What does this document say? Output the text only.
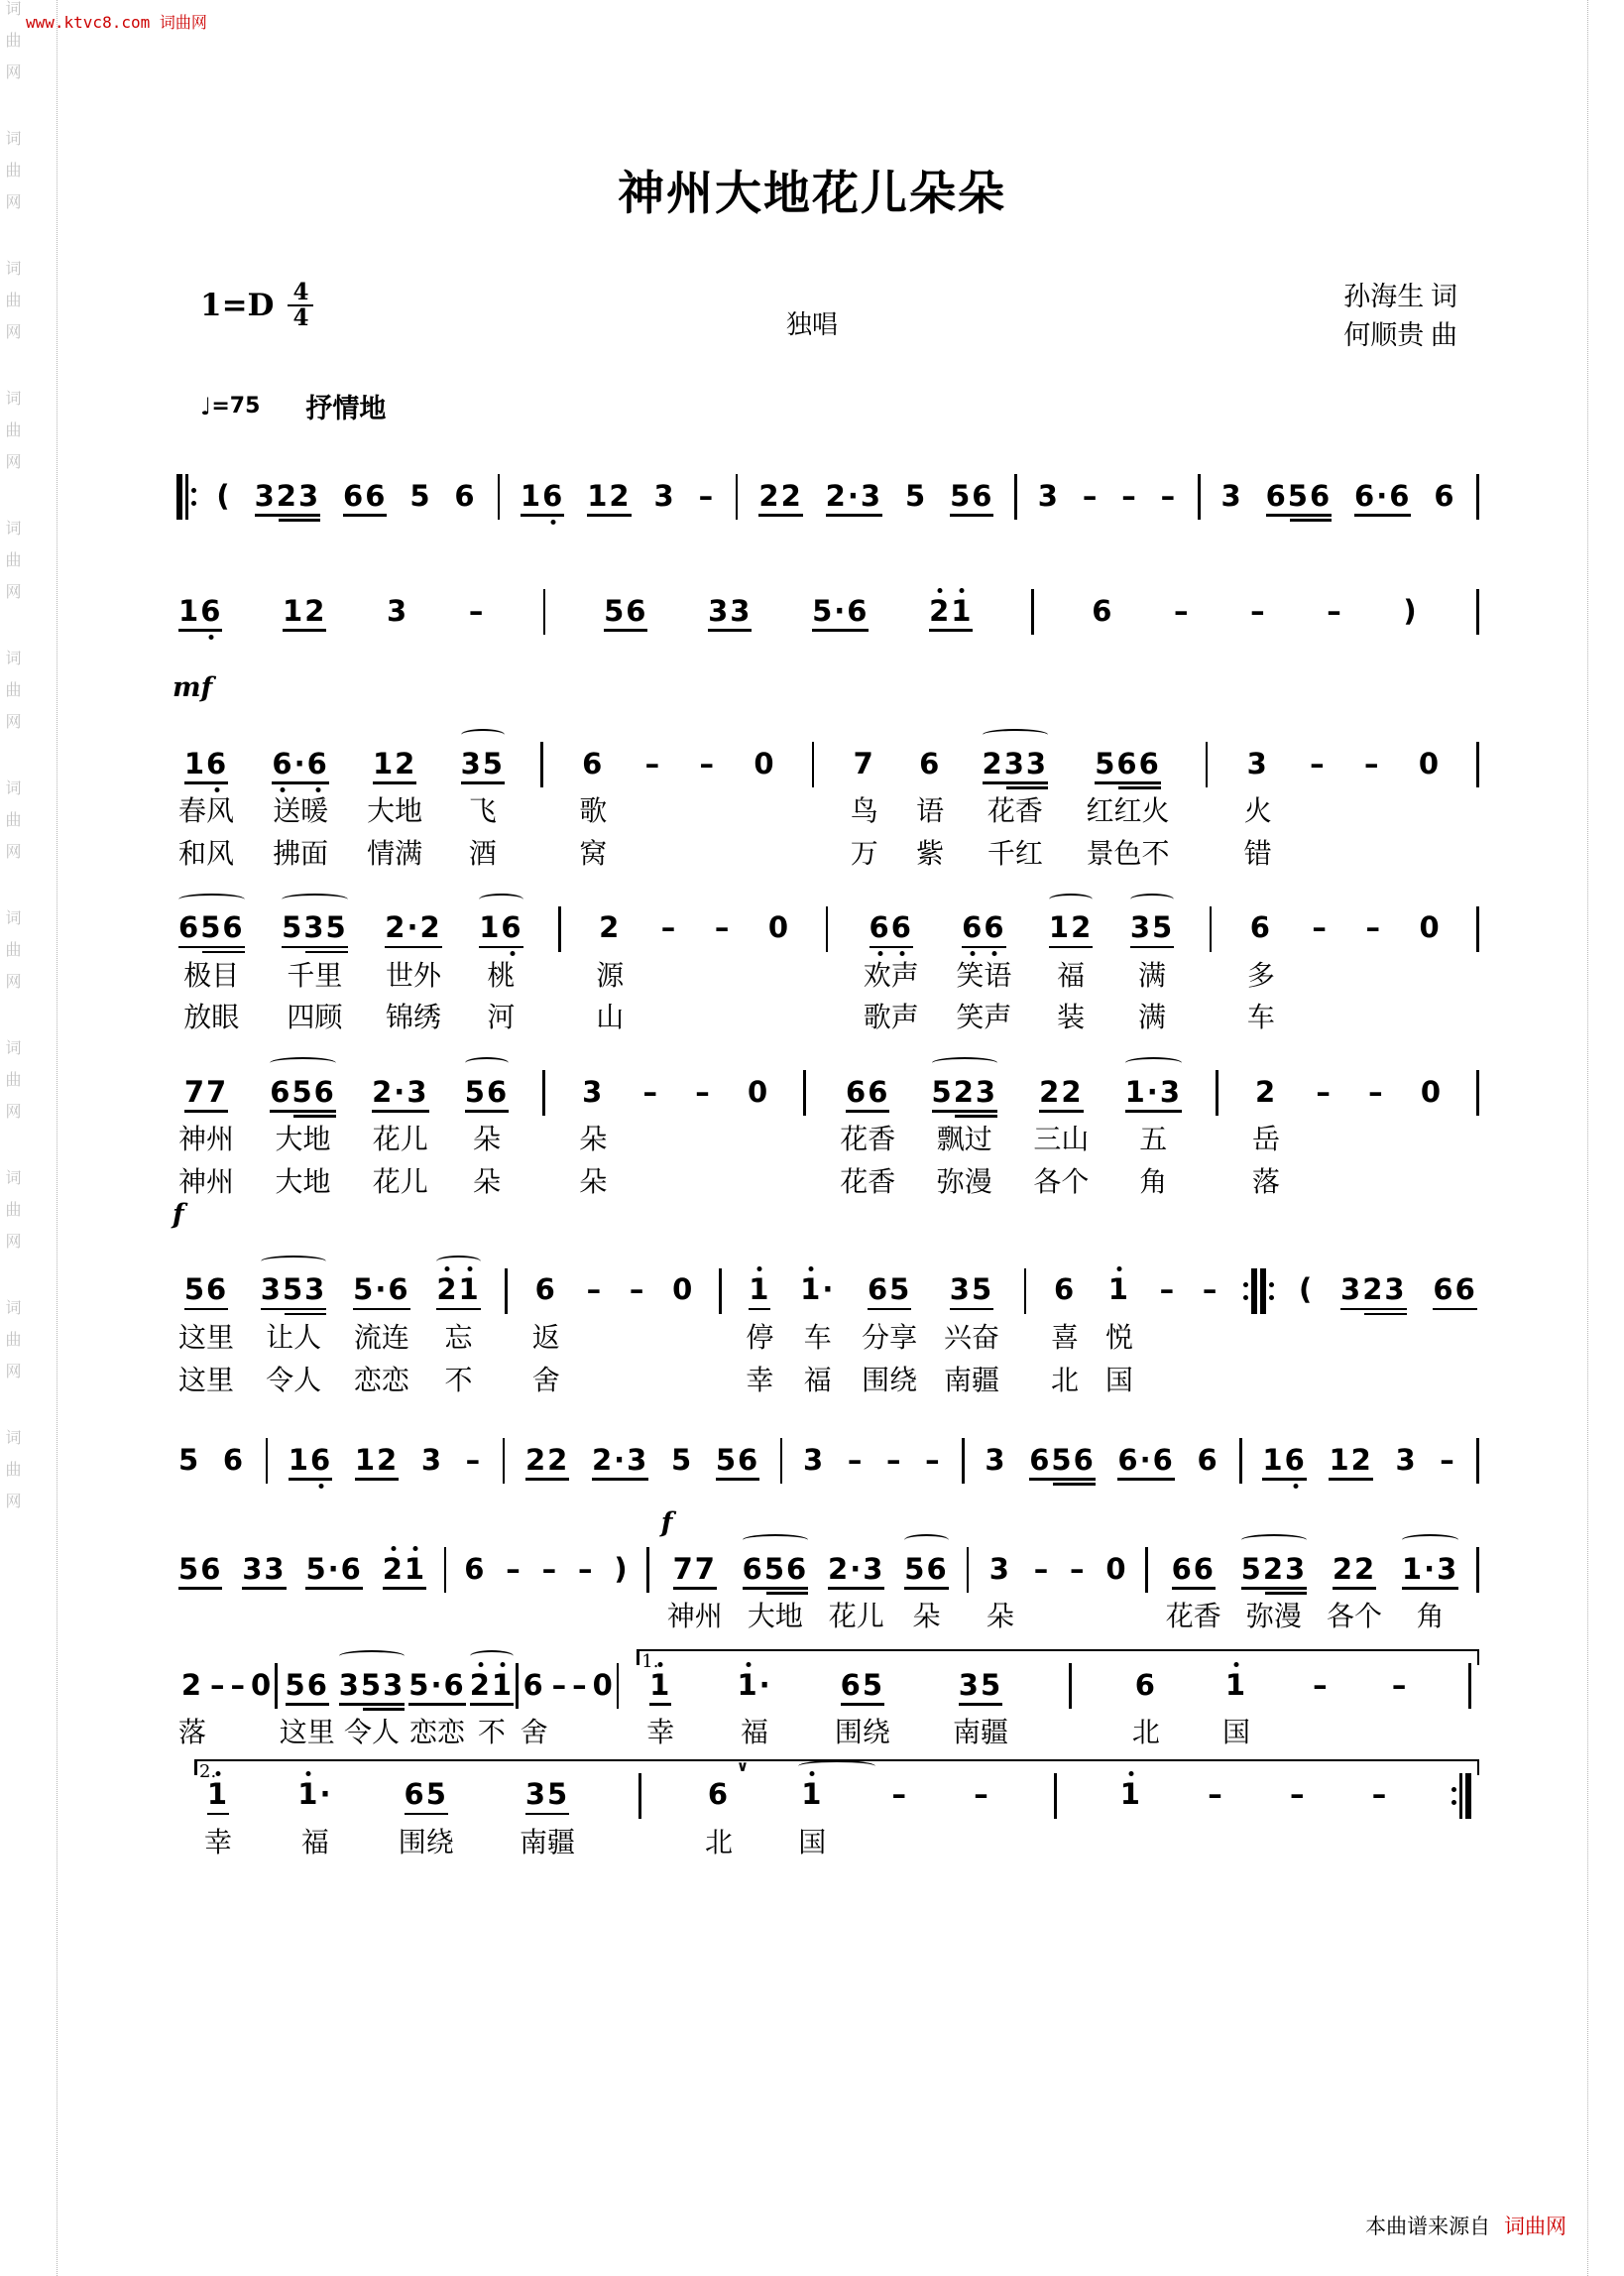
www.ktvc8.com 词曲网
词曲网 词曲网 词曲网 词曲网 词曲网 词曲网 词曲网 词曲网 词曲网 词曲网 词曲网 词曲网	神州大地花儿朵朵
$1=D \frac{4}{4}$	独唱
孙海生 词
何顺贵 曲
♩ =75 抒情地
( 323 66 5 6 16 12 3 – 22 2·3 5 56 3 – – – 3 656 6·6 6
16 12 3 –	56 33 5·6 21	6 – – – )
mf
16
春风
和风
6·6
送暖
拂面
12
大地
情满
35
飞
酒
6
歌
窝
– – 0	7
鸟
万
6
语
紫
233
花香
千红
566
红红火
景色不
3
火
错
– – 0
656
极目
放眼
535
千里
四顾
2·2
世外
锦绣
16
桃
河
2
源
山
– – 0	66
欢声
歌声
66
笑语
笑声
12
福
装
35
满
满
6
多
车
– – 0
77
神州
神州
656
大地
大地
2·3
花儿
花儿
56
朵
朵
3
朵
朵
– – 0	66
花香
花香
523
飘过
弥漫
22
三山
各个
1·3
五
角
2
岳
落
– – 0
f
56
这里
这里
353
让人
令人
5·6
流连
恋恋
21
忘
不
6
返
舍
– – 0 1
停
幸
1·
车
福
65
分享
围绕
35
兴奋
南疆
6
喜
北
1
悦
国
– –	( 323 66
5 6 16 12 3 – 22 2·3 5 56 3 – – – 3 656 6·6 6 16 12 3 –
56 33 5·6 21 6 – – – )
f
77
神州
656
大地
2·3
花儿
56
朵
3
朵
– – 0 66
花香
523
弥漫
22
各个
1·3
角
2
落
– – 0 56
这里
353
令人
5·6
恋恋
21
不
6
舍
– – 0
1.
1
幸
1·
福
65
围绕
35
南疆
6
北
1
国
– –
2.
1
幸
1·
福
65
围绕
35
南疆
6
∨
北
1
国
– –	1 – – –
本曲谱来源自 词曲网
